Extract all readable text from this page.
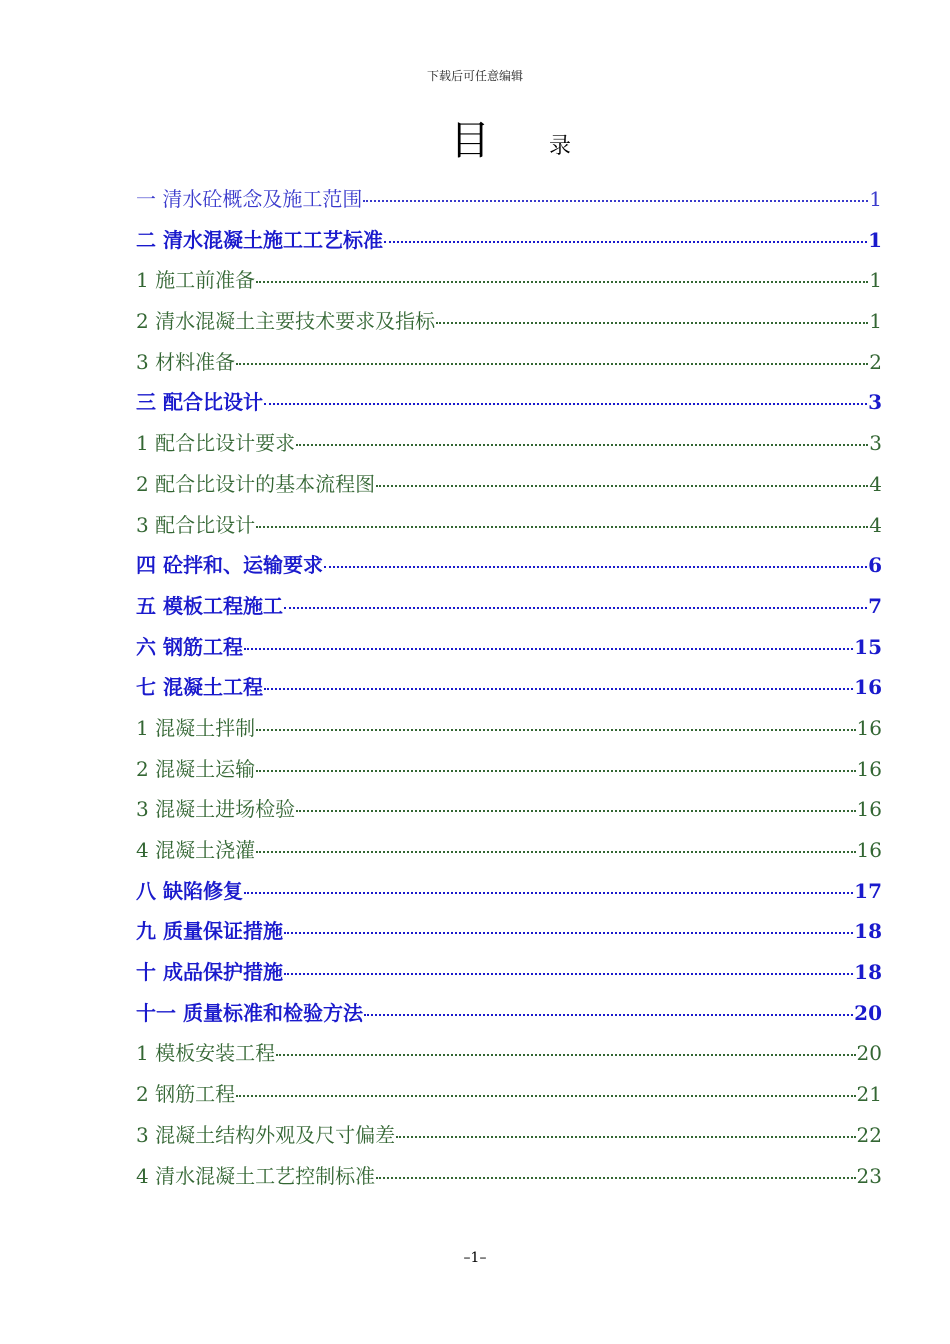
下载后可任意编辑
目	录
一 清水砼概念及施工范围	1
二 清水混凝土施工工艺标准	1
1 施工前准备	1
2 清水混凝土主要技术要求及指标	1
3 材料准备	2
三 配合比设计	3
1 配合比设计要求	3
2 配合比设计的基本流程图	4
3 配合比设计	4
四 砼拌和、运输要求	6
五 模板工程施工	7
六 钢筋工程	15
七 混凝土工程	16
1 混凝土拌制	16
2 混凝土运输	16
3 混凝土进场检验	16
4 混凝土浇灌	16
八 缺陷修复	17
九 质量保证措施	18
十 成品保护措施	18
十一 质量标准和检验方法	20
1 模板安装工程	20
2 钢筋工程	21
3 混凝土结构外观及尺寸偏差	22
4 清水混凝土工艺控制标准	23
–1–
